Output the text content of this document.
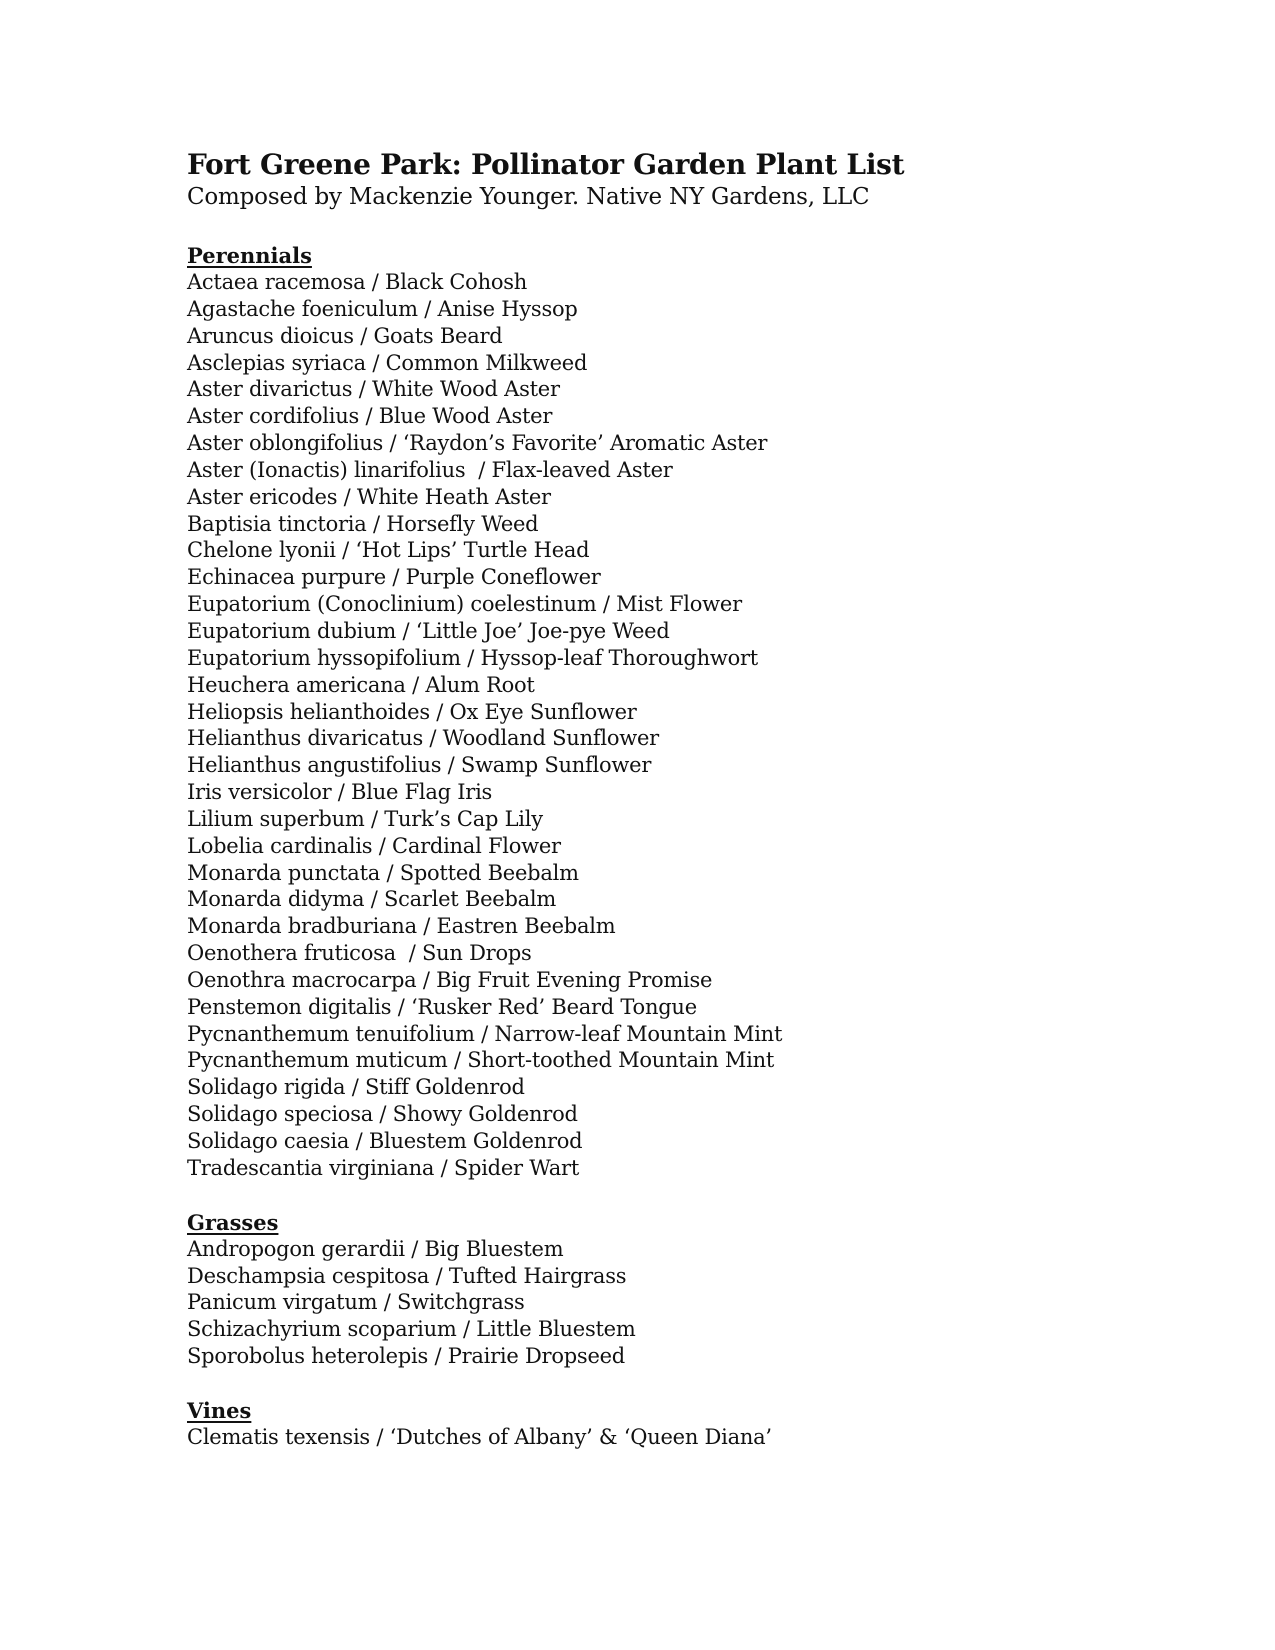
Fort Greene Park: Pollinator Garden Plant List

Composed by Mackenzie Younger. Native NY Gardens, LLC

Perennials
Actaea racemosa / Black Cohosh
Agastache foeniculum / Anise Hyssop
Aruncus dioicus / Goats Beard
Asclepias syriaca / Common Milkweed
Aster divarictus / White Wood Aster
Aster cordifolius / Blue Wood Aster
Aster oblongifolius / ‘Raydon’s Favorite’ Aromatic Aster
Aster (Ionactis) linarifolius  / Flax-leaved Aster
Aster ericodes / White Heath Aster
Baptisia tinctoria / Horsefly Weed
Chelone lyonii / ‘Hot Lips’ Turtle Head
Echinacea purpure / Purple Coneflower
Eupatorium (Conoclinium) coelestinum / Mist Flower
Eupatorium dubium / ‘Little Joe’ Joe-pye Weed
Eupatorium hyssopifolium / Hyssop-leaf Thoroughwort
Heuchera americana / Alum Root
Heliopsis helianthoides / Ox Eye Sunflower
Helianthus divaricatus / Woodland Sunflower
Helianthus angustifolius / Swamp Sunflower
Iris versicolor / Blue Flag Iris
Lilium superbum / Turk’s Cap Lily
Lobelia cardinalis / Cardinal Flower
Monarda punctata / Spotted Beebalm
Monarda didyma / Scarlet Beebalm
Monarda bradburiana / Eastren Beebalm
Oenothera fruticosa  / Sun Drops
Oenothra macrocarpa / Big Fruit Evening Promise
Penstemon digitalis / ‘Rusker Red’ Beard Tongue
Pycnanthemum tenuifolium / Narrow-leaf Mountain Mint
Pycnanthemum muticum / Short-toothed Mountain Mint
Solidago rigida / Stiff Goldenrod
Solidago speciosa / Showy Goldenrod
Solidago caesia / Bluestem Goldenrod
Tradescantia virginiana / Spider Wart
Grasses
Andropogon gerardii / Big Bluestem
Deschampsia cespitosa / Tufted Hairgrass
Panicum virgatum / Switchgrass
Schizachyrium scoparium / Little Bluestem
Sporobolus heterolepis / Prairie Dropseed
Vines
Clematis texensis / ‘Dutches of Albany’ & ‘Queen Diana’
